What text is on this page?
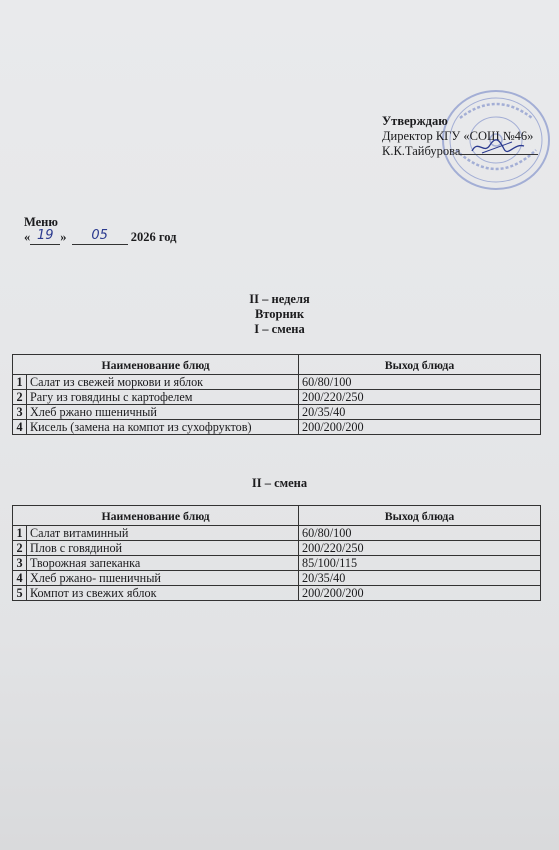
Утверждаю
Директор КГУ «СОШ №46»
К.К.Тайбурова
Меню
« 19 » 05 2026 год
II – неделя
Вторник
I – смена
Наименование блюд		Выход блюда
1	Салат из свежей моркови и яблок	60/80/100
2	Рагу из говядины с картофелем	200/220/250
3	Хлеб ржано пшеничный	20/35/40
4	Кисель (замена на компот из сухофруктов)	200/200/200
II – смена
Наименование блюд		Выход блюда
1	Салат витаминный	60/80/100
2	Плов с говядиной	200/220/250
3	Творожная запеканка	85/100/115
4	Хлеб ржано- пшеничный	20/35/40
5	Компот из свежих яблок	200/200/200
